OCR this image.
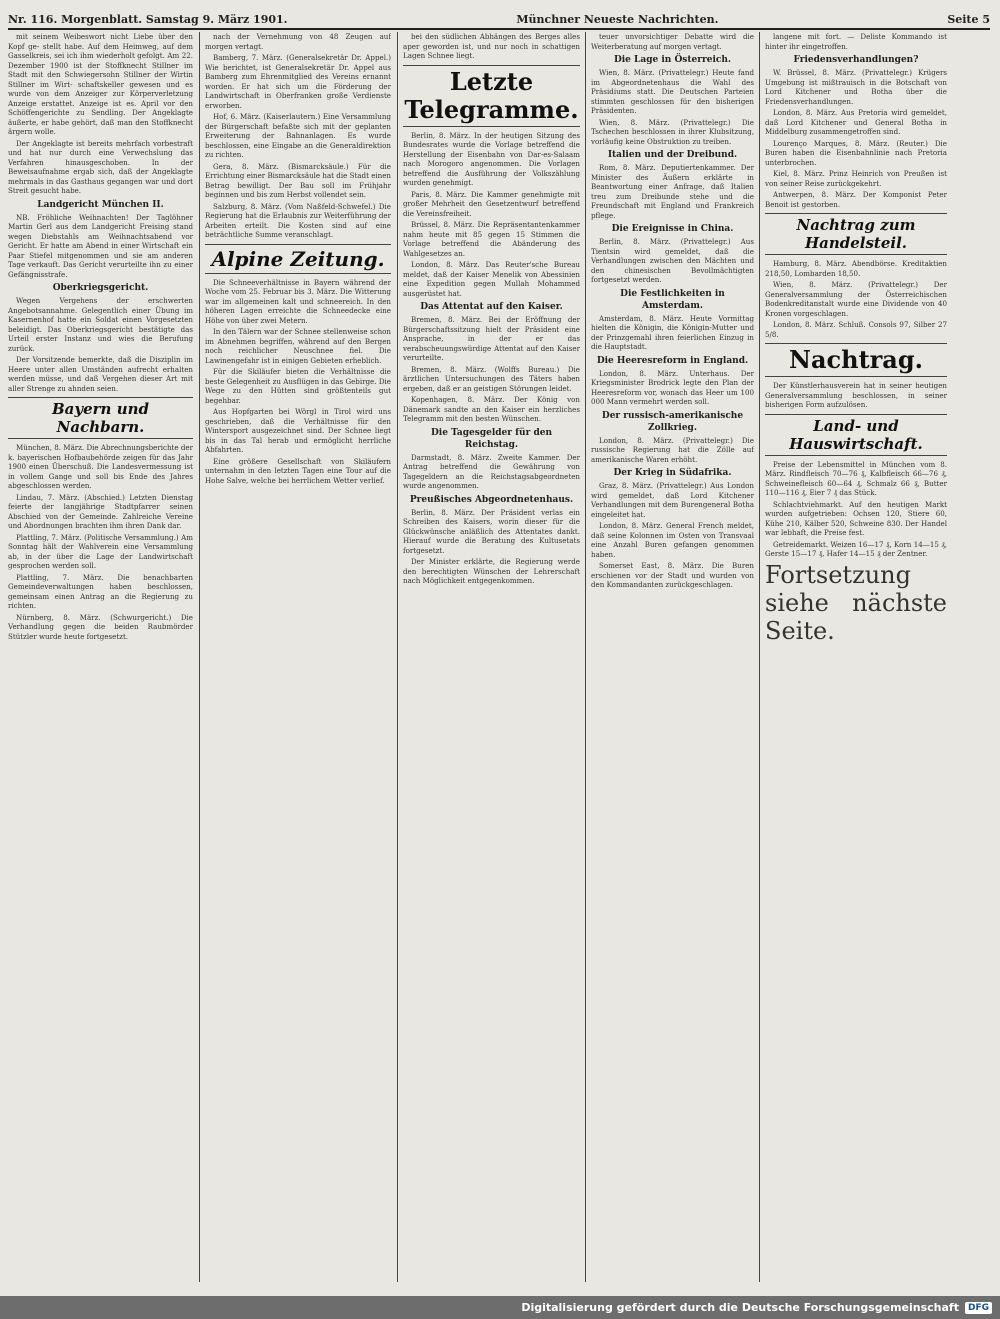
Nr. 116. Morgenblatt. Samstag 9. März 1901.	Münchner Neueste Nachrichten.	Seite 5

mit seinem Weibeswort nicht Liebe über den Kopf ge- stellt habe. Auf dem Heimweg, auf dem Gasselkreis, sei ich ihm wiederholt gefolgt. Am 22. Dezember 1900 ist der Stoffknecht Stillner im Stadt mit den Schwiegersohn Stillner der Wirtin Stillner im Wirt- schaftskeller gewesen und es wurde von dem Anzeiger zur Körperverletzung Anzeige erstattet. Anzeige ist es. April vor den Schöffengerichte zu Sendling. Der Angeklagte äußerte, er habe gehört, daß man den Stoffknecht ärgern wolle.

Der Angeklagte ist bereits mehrfach vorbestraft und hat nur durch eine Verwechslung das Verfahren hinausgeschoben. In der Beweisaufnahme ergab sich, daß der Angeklagte mehrmals in das Gasthaus gegangen war und dort Streit gesucht habe.

Landgericht München II.

NB. Fröhliche Weihnachten! Der Taglöhner Martin Gerl aus dem Landgericht Freising stand wegen Diebstahls am Weihnachtsabend vor Gericht. Er hatte am Abend in einer Wirtschaft ein Paar Stiefel mitgenommen und sie am anderen Tage verkauft. Das Gericht verurteilte ihn zu einer Gefängnisstrafe.

Oberkriegsgericht.

Wegen Vergehens der erschwerten Angebotsannahme. Gelegentlich einer Übung im Kasernenhof hatte ein Soldat einen Vorgesetzten beleidigt. Das Oberkriegsgericht bestätigte das Urteil erster Instanz und wies die Berufung zurück.

Der Vorsitzende bemerkte, daß die Disziplin im Heere unter allen Umständen aufrecht erhalten werden müsse, und daß Vergehen dieser Art mit aller Strenge zu ahnden seien.

Bayern und Nachbarn.

München, 8. März. Die Abrechnungsberichte der k. bayerischen Hofbaubehörde zeigen für das Jahr 1900 einen Überschuß. Die Landesvermessung ist in vollem Gange und soll bis Ende des Jahres abgeschlossen werden.

Lindau, 7. März. (Abschied.) Letzten Dienstag feierte der langjährige Stadtpfarrer seinen Abschied von der Gemeinde. Zahlreiche Vereine und Abordnungen brachten ihm ihren Dank dar.

Plattling, 7. März. (Politische Versammlung.) Am Sonntag hält der Wahlverein eine Versammlung ab, in der über die Lage der Landwirtschaft gesprochen werden soll.

Plattling, 7. März. Die benachbarten Gemeindeverwaltungen haben beschlossen, gemeinsam einen Antrag an die Regierung zu richten.

Nürnberg, 8. März. (Schwurgericht.) Die Verhandlung gegen die beiden Raubmörder Stützler wurde heute fortgesetzt.

nach der Vernehmung von 48 Zeugen auf morgen vertagt.

Bamberg, 7. März. (Generalsekretär Dr. Appel.) Wie berichtet, ist Generalsekretär Dr. Appel aus Bamberg zum Ehrenmitglied des Vereins ernannt worden. Er hat sich um die Förderung der Landwirtschaft in Oberfranken große Verdienste erworben.

Hof, 6. März. (Kaiserlautern.) Eine Versammlung der Bürgerschaft befaßte sich mit der geplanten Erweiterung der Bahnanlagen. Es wurde beschlossen, eine Eingabe an die Generaldirektion zu richten.

Gera, 8. März. (Bismarcksäule.) Für die Errichtung einer Bismarcksäule hat die Stadt einen Betrag bewilligt. Der Bau soll im Frühjahr beginnen und bis zum Herbst vollendet sein.

Salzburg, 8. März. (Vom Naßfeld-Schwefel.) Die Regierung hat die Erlaubnis zur Weiterführung der Arbeiten erteilt. Die Kosten sind auf eine beträchtliche Summe veranschlagt.

Alpine Zeitung.

Die Schneeverhältnisse in Bayern während der Woche vom 25. Februar bis 3. März. Die Witterung war im allgemeinen kalt und schneereich. In den höheren Lagen erreichte die Schneedecke eine Höhe von über zwei Metern.

In den Tälern war der Schnee stellenweise schon im Abnehmen begriffen, während auf den Bergen noch reichlicher Neuschnee fiel. Die Lawinengefahr ist in einigen Gebieten erheblich.

Für die Skiläufer bieten die Verhältnisse die beste Gelegenheit zu Ausflügen in das Gebirge. Die Wege zu den Hütten sind größtenteils gut begehbar.

Aus Hopfgarten bei Wörgl in Tirol wird uns geschrieben, daß die Verhältnisse für den Wintersport ausgezeichnet sind. Der Schnee liegt bis in das Tal herab und ermöglicht herrliche Abfahrten.

Eine größere Gesellschaft von Skiläufern unternahm in den letzten Tagen eine Tour auf die Hohe Salve, welche bei herrlichem Wetter verlief.

bei den südlichen Abhängen des Berges alles aper geworden ist, und nur noch in schattigen Lagen Schnee liegt.

Letzte Telegramme.

Berlin, 8. März. In der heutigen Sitzung des Bundesrates wurde die Vorlage betreffend die Herstellung der Eisenbahn von Dar-es-Salaam nach Morogoro angenommen. Die Vorlagen betreffend die Ausführung der Volkszählung wurden genehmigt.

Paris, 8. März. Die Kammer genehmigte mit großer Mehrheit den Gesetzentwurf betreffend die Vereinsfreiheit.

Brüssel, 8. März. Die Repräsentantenkammer nahm heute mit 85 gegen 15 Stimmen die Vorlage betreffend die Abänderung des Wahlgesetzes an.

London, 8. März. Das Reuter'sche Bureau meldet, daß der Kaiser Menelik von Abessinien eine Expedition gegen Mullah Mohammed ausgerüstet hat.

Das Attentat auf den Kaiser.

Bremen, 8. März. Bei der Eröffnung der Bürgerschaftssitzung hielt der Präsident eine Ansprache, in der er das verabscheuungswürdige Attentat auf den Kaiser verurteilte.

Bremen, 8. März. (Wolffs Bureau.) Die ärztlichen Untersuchungen des Täters haben ergeben, daß er an geistigen Störungen leidet.

Kopenhagen, 8. März. Der König von Dänemark sandte an den Kaiser ein herzliches Telegramm mit den besten Wünschen.

Die Tagesgelder für den Reichstag.

Darmstadt, 8. März. Zweite Kammer. Der Antrag betreffend die Gewährung von Tagegeldern an die Reichstagsabgeordneten wurde angenommen.

Preußisches Abgeordnetenhaus.

Berlin, 8. März. Der Präsident verlas ein Schreiben des Kaisers, worin dieser für die Glückwünsche anläßlich des Attentates dankt. Hierauf wurde die Beratung des Kultusetats fortgesetzt.

Der Minister erklärte, die Regierung werde den berechtigten Wünschen der Lehrerschaft nach Möglichkeit entgegenkommen.

teuer unvorsichtiger Debatte wird die Weiterberatung auf morgen vertagt.

Die Lage in Österreich.

Wien, 8. März. (Privattelegr.) Heute fand im Abgeordnetenhaus die Wahl des Präsidiums statt. Die Deutschen Parteien stimmten geschlossen für den bisherigen Präsidenten.

Wien, 8. März. (Privattelegr.) Die Tschechen beschlossen in ihrer Klubsitzung, vorläufig keine Obstruktion zu treiben.

Italien und der Dreibund.

Rom, 8. März. Deputiertenkammer. Der Minister des Äußern erklärte in Beantwortung einer Anfrage, daß Italien treu zum Dreibunde stehe und die Freundschaft mit England und Frankreich pflege.

Die Ereignisse in China.

Berlin, 8. März. (Privattelegr.) Aus Tientsin wird gemeldet, daß die Verhandlungen zwischen den Mächten und den chinesischen Bevollmächtigten fortgesetzt werden.

Die Festlichkeiten in Amsterdam.

Amsterdam, 8. März. Heute Vormittag hielten die Königin, die Königin-Mutter und der Prinzgemahl ihren feierlichen Einzug in die Hauptstadt.

Die Heeresreform in England.

London, 8. März. Unterhaus. Der Kriegsminister Brodrick legte den Plan der Heeresreform vor, wonach das Heer um 100 000 Mann vermehrt werden soll.

Der russisch-amerikanische Zollkrieg.

London, 8. März. (Privattelegr.) Die russische Regierung hat die Zölle auf amerikanische Waren erhöht.

Der Krieg in Südafrika.

Graz, 8. März. (Privattelegr.) Aus London wird gemeldet, daß Lord Kitchener Verhandlungen mit dem Burengeneral Botha eingeleitet hat.

London, 8. März. General French meldet, daß seine Kolonnen im Osten von Transvaal eine Anzahl Buren gefangen genommen haben.

Somerset East, 8. März. Die Buren erschienen vor der Stadt und wurden von den Kommandanten zurückgeschlagen.

langene mit fort. — Deliste Kommando ist hinter ihr eingetroffen.

Friedensverhandlungen?

W. Brüssel, 8. März. (Privattelegr.) Krügers Umgebung ist mißtrauisch in die Botschaft von Lord Kitchener und Botha über die Friedensverhandlungen.

London, 8. März. Aus Pretoria wird gemeldet, daß Lord Kitchener und General Botha in Middelburg zusammengetroffen sind.

Lourenço Marques, 8. März. (Reuter.) Die Buren haben die Eisenbahnlinie nach Pretoria unterbrochen.

Kiel, 8. März. Prinz Heinrich von Preußen ist von seiner Reise zurückgekehrt.

Antwerpen, 8. März. Der Komponist Peter Benoit ist gestorben.

Nachtrag zum Handelsteil.

Hamburg, 8. März. Abendbörse. Kreditaktien 218,50, Lombarden 18,50.

Wien, 8. März. (Privattelegr.) Der Generalversammlung der Österreichischen Bodenkreditanstalt wurde eine Dividende von 40 Kronen vorgeschlagen.

London, 8. März. Schluß. Consols 97, Silber 27 5/8.

Nachtrag.

Der Künstlerhausverein hat in seiner heutigen Generalversammlung beschlossen, in seiner bisherigen Form aufzulösen.

Land- und Hauswirtschaft.

Preise der Lebensmittel in München vom 8. März. Rindfleisch 70—76 ₰, Kalbfleisch 66—76 ₰, Schweinefleisch 60—64 ₰, Schmalz 66 ₰, Butter 110—116 ₰, Eier 7 ₰ das Stück.

Schlachtviehmarkt. Auf den heutigen Markt wurden aufgetrieben: Ochsen 120, Stiere 60, Kühe 210, Kälber 520, Schweine 830. Der Handel war lebhaft, die Preise fest.

Getreidemarkt. Weizen 16—17 ₰, Korn 14—15 ₰, Gerste 15—17 ₰, Hafer 14—15 ₰ der Zentner.

Fortsetzung siehe nächste Seite.
Digitalisierung gefördert durch die Deutsche Forschungsgemeinschaft	DFG
